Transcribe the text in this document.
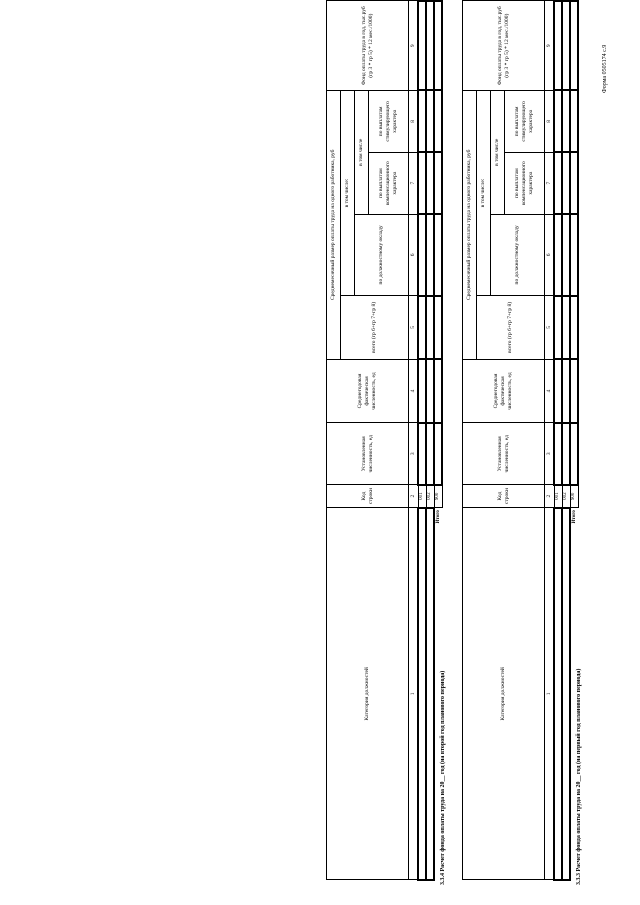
Форма 0505174 с.9
3.3.3 Расчет фонда оплаты труда на 20__ год (на первый год планового периода)
Категория должностей	Код строки	Установленная численность, ед	Среднегодовая фактическая численность, ед	Среднемесячный размер оплаты труда на одного работника, руб				Фонд оплаты труда в год, тыс.руб (гр 3 * гр 5) * 12 мес./1000)
				всего (гр 6+гр 7+гр 8)	в том числе:			
					по должностному окладу	в том числе		
						по выплатам компенсационного характера	по выплатам стимулирующего характера	
1	2	3	4	5	6	7	8	9
	001							
	002							
Итого	900							
3.3.4 Расчет фонда оплаты труда на 20__ год (на второй год планового периода)
Категория должностей	Код строки	Установленная численность, ед	Среднегодовая фактическая численность, ед	Среднемесячный размер оплаты труда на одного работника, руб				Фонд оплаты труда в год, тыс.руб (гр 3 * гр 5) * 12 мес./1000)
				всего (гр 6+гр 7+гр 8)	в том числе:			
					по должностному окладу	в том числе		
						по выплатам компенсационного характера	по выплатам стимулирующего характера	
1	2	3	4	5	6	7	8	9
	001							
	002							
Итого	900							
